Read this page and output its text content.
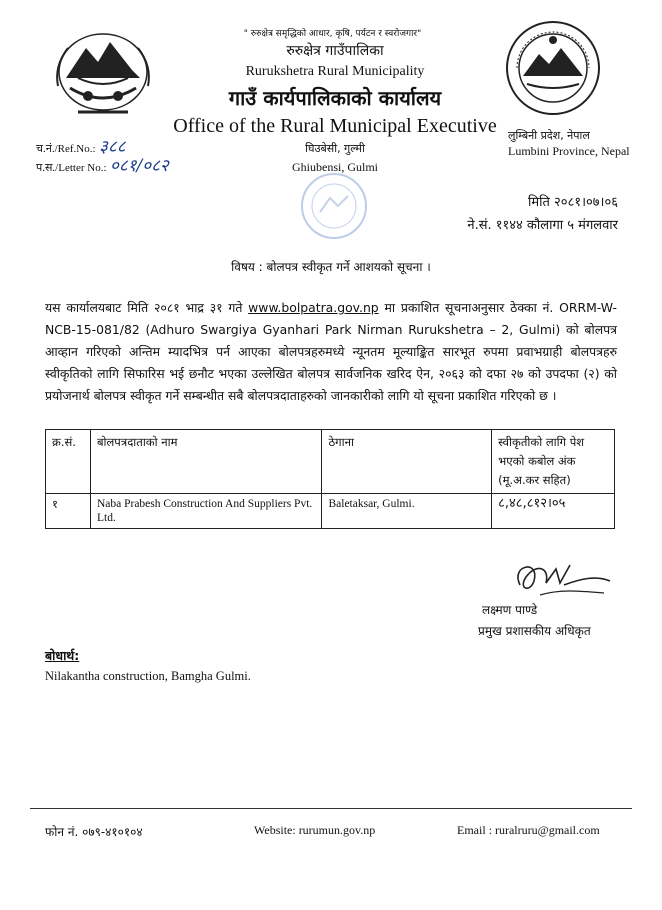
" रुरुक्षेत्र समृद्धिको आधार, कृषि, पर्यटन र स्वरोजगार"
रुरुक्षेत्र गाउँपालिका
Rurukshetra Rural Municipality
गाउँ कार्यपालिकाको कार्यालय
Office of the Rural Municipal Executive
घिउबेसी, गुल्मी
Ghiubensi, Gulmi
लुम्बिनी प्रदेश, नेपाल
Lumbini Province, Nepal
च.नं./Ref.No.: ३८८
प.स./Letter No.: ०८१/०८२
मिति २०८१।०७।०६
ने.सं. ११४४ कौलागा ५ मंगलवार
विषय : बोलपत्र स्वीकृत गर्ने आशयको सूचना ।
यस कार्यालयबाट मिति २०८१ भाद्र ३१ गते www.bolpatra.gov.np मा प्रकाशित सूचनाअनुसार ठेक्का नं. ORRM-W-NCB-15-081/82 (Adhuro Swargiya Gyanhari Park Nirman Rurukshetra – 2, Gulmi) को बोलपत्र आव्हान गरिएको अन्तिम म्यादभित्र पर्न आएका बोलपत्रहरुमध्ये न्यूनतम मूल्याङ्कित सारभूत रुपमा प्रवाभग्राही बोलपत्रहरु स्वीकृतिको लागि सिफारिस भई छनौट भएका उल्लेखित बोलपत्र सार्वजनिक खरिद ऐन, २०६३ को दफा २७ को उपदफा (२) को प्रयोजनार्थ बोलपत्र स्वीकृत गर्ने सम्बन्धीत सबै बोलपत्रदाताहरुको जानकारीको लागि यो सूचना प्रकाशित गरिएको छ ।
क्र.सं.	बोलपत्रदाताको नाम	ठेगाना	स्वीकृतीको लागि पेश भएको कबोल अंक (मू.अ.कर सहित)
१	Naba Prabesh Construction And Suppliers Pvt. Ltd.	Baletaksar, Gulmi.	८,४८,८१२।०५
लक्ष्मण पाण्डे
प्रमुख प्रशासकीय अधिकृत
बोधार्थ:
Nilakantha construction, Bamgha Gulmi.
फोन नं. ०७९-४१०१०४	Website: rurumun.gov.np	Email : ruralruru@gmail.com
